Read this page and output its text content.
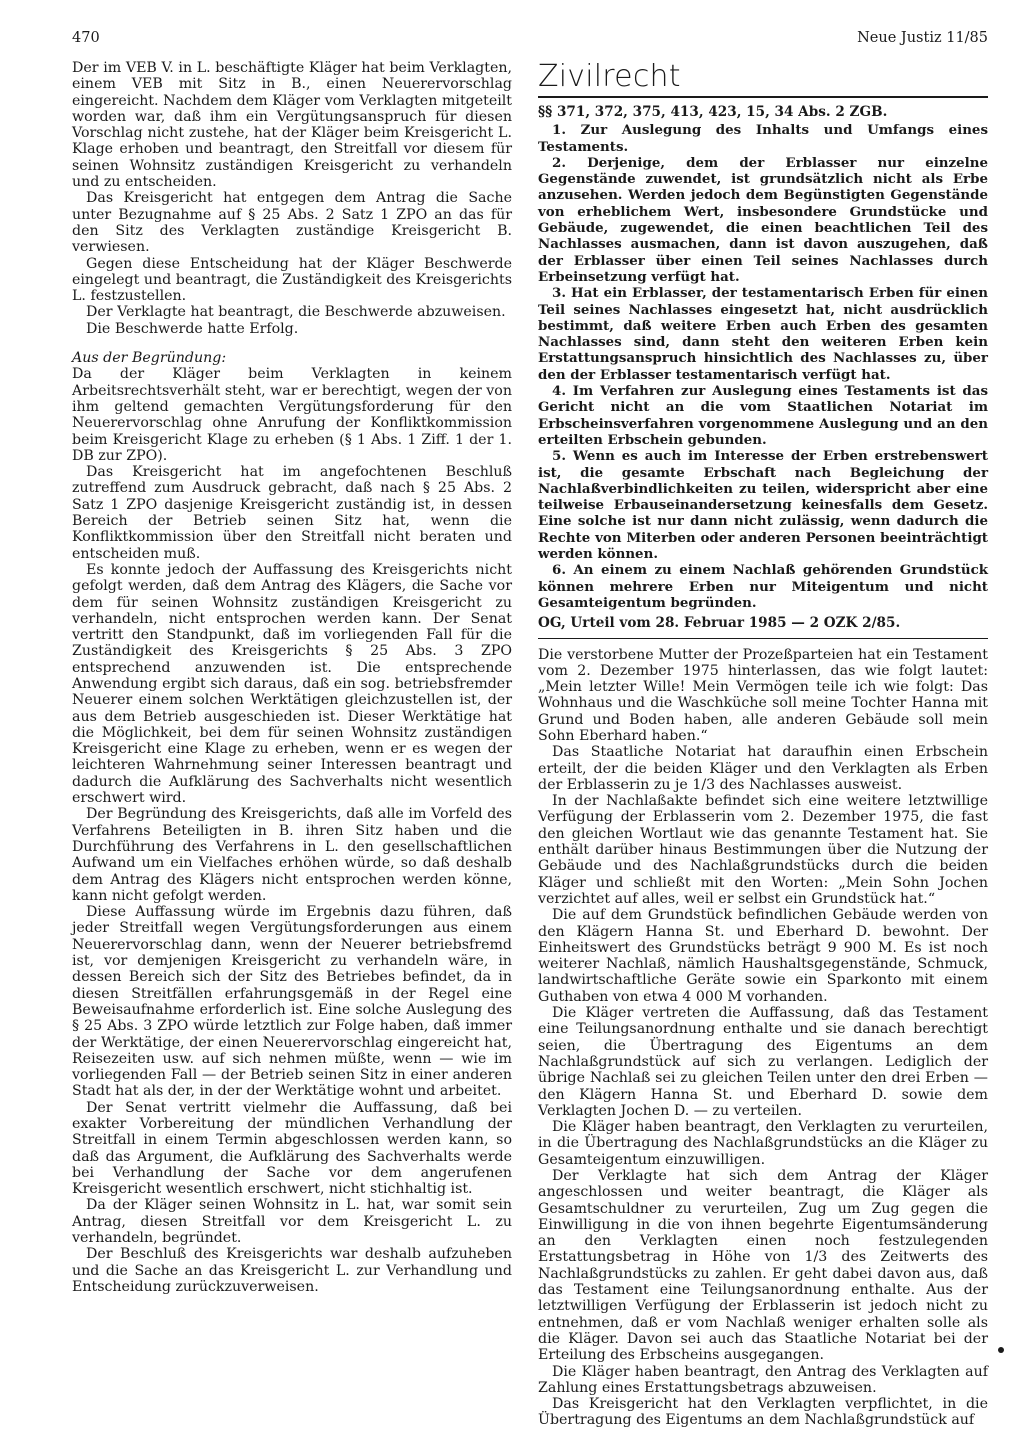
470	Neue Justiz 11/85

Der im VEB V. in L. beschäftigte Kläger hat beim Verklagten, einem VEB mit Sitz in B., einen Neuerervorschlag eingereicht. Nachdem dem Kläger vom Verklagten mitgeteilt worden war, daß ihm ein Vergütungsanspruch für diesen Vorschlag nicht zustehe, hat der Kläger beim Kreisgericht L. Klage erhoben und beantragt, den Streitfall vor diesem für seinen Wohnsitz zuständigen Kreisgericht zu verhandeln und zu entscheiden.

Das Kreisgericht hat entgegen dem Antrag die Sache unter Bezugnahme auf § 25 Abs. 2 Satz 1 ZPO an das für den Sitz des Verklagten zuständige Kreisgericht B. verwiesen.

Gegen diese Entscheidung hat der Kläger Beschwerde eingelegt und beantragt, die Zuständigkeit des Kreisgerichts L. festzustellen.

Der Verklagte hat beantragt, die Beschwerde abzuweisen.

Die Beschwerde hatte Erfolg.

Aus der Begründung:

Da der Kläger beim Verklagten in keinem Arbeitsrechtsverhält steht, war er berechtigt, wegen der von ihm geltend gemachten Vergütungsforderung für den Neuerervorschlag ohne Anrufung der Konfliktkommission beim Kreisgericht Klage zu erheben (§ 1 Abs. 1 Ziff. 1 der 1. DB zur ZPO).

Das Kreisgericht hat im angefochtenen Beschluß zutreffend zum Ausdruck gebracht, daß nach § 25 Abs. 2 Satz 1 ZPO dasjenige Kreisgericht zuständig ist, in dessen Bereich der Betrieb seinen Sitz hat, wenn die Konfliktkommission über den Streitfall nicht beraten und entscheiden muß.

Es konnte jedoch der Auffassung des Kreisgerichts nicht gefolgt werden, daß dem Antrag des Klägers, die Sache vor dem für seinen Wohnsitz zuständigen Kreisgericht zu verhandeln, nicht entsprochen werden kann. Der Senat vertritt den Standpunkt, daß im vorliegenden Fall für die Zuständigkeit des Kreisgerichts § 25 Abs. 3 ZPO entsprechend anzuwenden ist. Die entsprechende Anwendung ergibt sich daraus, daß ein sog. betriebsfremder Neuerer einem solchen Werktätigen gleichzustellen ist, der aus dem Betrieb ausgeschieden ist. Dieser Werktätige hat die Möglichkeit, bei dem für seinen Wohnsitz zuständigen Kreisgericht eine Klage zu erheben, wenn er es wegen der leichteren Wahrnehmung seiner Interessen beantragt und dadurch die Aufklärung des Sachverhalts nicht wesentlich erschwert wird.

Der Begründung des Kreisgerichts, daß alle im Vorfeld des Verfahrens Beteiligten in B. ihren Sitz haben und die Durchführung des Verfahrens in L. den gesellschaftlichen Aufwand um ein Vielfaches erhöhen würde, so daß deshalb dem Antrag des Klägers nicht entsprochen werden könne, kann nicht gefolgt werden.

Diese Auffassung würde im Ergebnis dazu führen, daß jeder Streitfall wegen Vergütungsforderungen aus einem Neuerervorschlag dann, wenn der Neuerer betriebsfremd ist, vor demjenigen Kreisgericht zu verhandeln wäre, in dessen Bereich sich der Sitz des Betriebes befindet, da in diesen Streitfällen erfahrungsgemäß in der Regel eine Beweisaufnahme erforderlich ist. Eine solche Auslegung des § 25 Abs. 3 ZPO würde letztlich zur Folge haben, daß immer der Werktätige, der einen Neuerervorschlag eingereicht hat, Reisezeiten usw. auf sich nehmen müßte, wenn — wie im vorliegenden Fall — der Betrieb seinen Sitz in einer anderen Stadt hat als der, in der der Werktätige wohnt und arbeitet.

Der Senat vertritt vielmehr die Auffassung, daß bei exakter Vorbereitung der mündlichen Verhandlung der Streitfall in einem Termin abgeschlossen werden kann, so daß das Argument, die Aufklärung des Sachverhalts werde bei Verhandlung der Sache vor dem angerufenen Kreisgericht wesentlich erschwert, nicht stichhaltig ist.

Da der Kläger seinen Wohnsitz in L. hat, war somit sein Antrag, diesen Streitfall vor dem Kreisgericht L. zu verhandeln, begründet.

Der Beschluß des Kreisgerichts war deshalb aufzuheben und die Sache an das Kreisgericht L. zur Verhandlung und Entscheidung zurückzuverweisen.

Zivilrecht
§§ 371, 372, 375, 413, 423, 15, 34 Abs. 2 ZGB.

1. Zur Auslegung des Inhalts und Umfangs eines Testaments.

2. Derjenige, dem der Erblasser nur einzelne Gegenstände zuwendet, ist grundsätzlich nicht als Erbe anzusehen. Werden jedoch dem Begünstigten Gegenstände von erheblichem Wert, insbesondere Grundstücke und Gebäude, zugewendet, die einen beachtlichen Teil des Nachlasses ausmachen, dann ist davon auszugehen, daß der Erblasser über einen Teil seines Nachlasses durch Erbeinsetzung verfügt hat.

3. Hat ein Erblasser, der testamentarisch Erben für einen Teil seines Nachlasses eingesetzt hat, nicht ausdrücklich bestimmt, daß weitere Erben auch Erben des gesamten Nachlasses sind, dann steht den weiteren Erben kein Erstattungsanspruch hinsichtlich des Nachlasses zu, über den der Erblasser testamentarisch verfügt hat.

4. Im Verfahren zur Auslegung eines Testaments ist das Gericht nicht an die vom Staatlichen Notariat im Erbscheinsverfahren vorgenommene Auslegung und an den erteilten Erbschein gebunden.

5. Wenn es auch im Interesse der Erben erstrebenswert ist, die gesamte Erbschaft nach Begleichung der Nachlaßverbindlichkeiten zu teilen, widerspricht aber eine teilweise Erbauseinandersetzung keinesfalls dem Gesetz. Eine solche ist nur dann nicht zulässig, wenn dadurch die Rechte von Miterben oder anderen Personen beeinträchtigt werden können.

6. An einem zu einem Nachlaß gehörenden Grundstück können mehrere Erben nur Miteigentum und nicht Gesamteigentum begründen.

OG, Urteil vom 28. Februar 1985 — 2 OZK 2/85.

Die verstorbene Mutter der Prozeßparteien hat ein Testament vom 2. Dezember 1975 hinterlassen, das wie folgt lautet: „Mein letzter Wille! Mein Vermögen teile ich wie folgt: Das Wohnhaus und die Waschküche soll meine Tochter Hanna mit Grund und Boden haben, alle anderen Gebäude soll mein Sohn Eberhard haben.“

Das Staatliche Notariat hat daraufhin einen Erbschein erteilt, der die beiden Kläger und den Verklagten als Erben der Erblasserin zu je 1/3 des Nachlasses ausweist.

In der Nachlaßakte befindet sich eine weitere letztwillige Verfügung der Erblasserin vom 2. Dezember 1975, die fast den gleichen Wortlaut wie das genannte Testament hat. Sie enthält darüber hinaus Bestimmungen über die Nutzung der Gebäude und des Nachlaßgrundstücks durch die beiden Kläger und schließt mit den Worten: „Mein Sohn Jochen verzichtet auf alles, weil er selbst ein Grundstück hat.“

Die auf dem Grundstück befindlichen Gebäude werden von den Klägern Hanna St. und Eberhard D. bewohnt. Der Einheitswert des Grundstücks beträgt 9 900 M. Es ist noch weiterer Nachlaß, nämlich Haushaltsgegenstände, Schmuck, landwirtschaftliche Geräte sowie ein Sparkonto mit einem Guthaben von etwa 4 000 M vorhanden.

Die Kläger vertreten die Auffassung, daß das Testament eine Teilungsanordnung enthalte und sie danach berechtigt seien, die Übertragung des Eigentums an dem Nachlaßgrundstück auf sich zu verlangen. Lediglich der übrige Nachlaß sei zu gleichen Teilen unter den drei Erben — den Klägern Hanna St. und Eberhard D. sowie dem Verklagten Jochen D. — zu verteilen.

Die Kläger haben beantragt, den Verklagten zu verurteilen, in die Übertragung des Nachlaßgrundstücks an die Kläger zu Gesamteigentum einzuwilligen.

Der Verklagte hat sich dem Antrag der Kläger angeschlossen und weiter beantragt, die Kläger als Gesamtschuldner zu verurteilen, Zug um Zug gegen die Einwilligung in die von ihnen begehrte Eigentumsänderung an den Verklagten einen noch festzulegenden Erstattungsbetrag in Höhe von 1/3 des Zeitwerts des Nachlaßgrundstücks zu zahlen. Er geht dabei davon aus, daß das Testament eine Teilungsanordnung enthalte. Aus der letztwilligen Verfügung der Erblasserin ist jedoch nicht zu entnehmen, daß er vom Nachlaß weniger erhalten solle als die Kläger. Davon sei auch das Staatliche Notariat bei der Erteilung des Erbscheins ausgegangen.

Die Kläger haben beantragt, den Antrag des Verklagten auf Zahlung eines Erstattungsbetrags abzuweisen.

Das Kreisgericht hat den Verklagten verpflichtet, in die Übertragung des Eigentums an dem Nachlaßgrundstück auf
